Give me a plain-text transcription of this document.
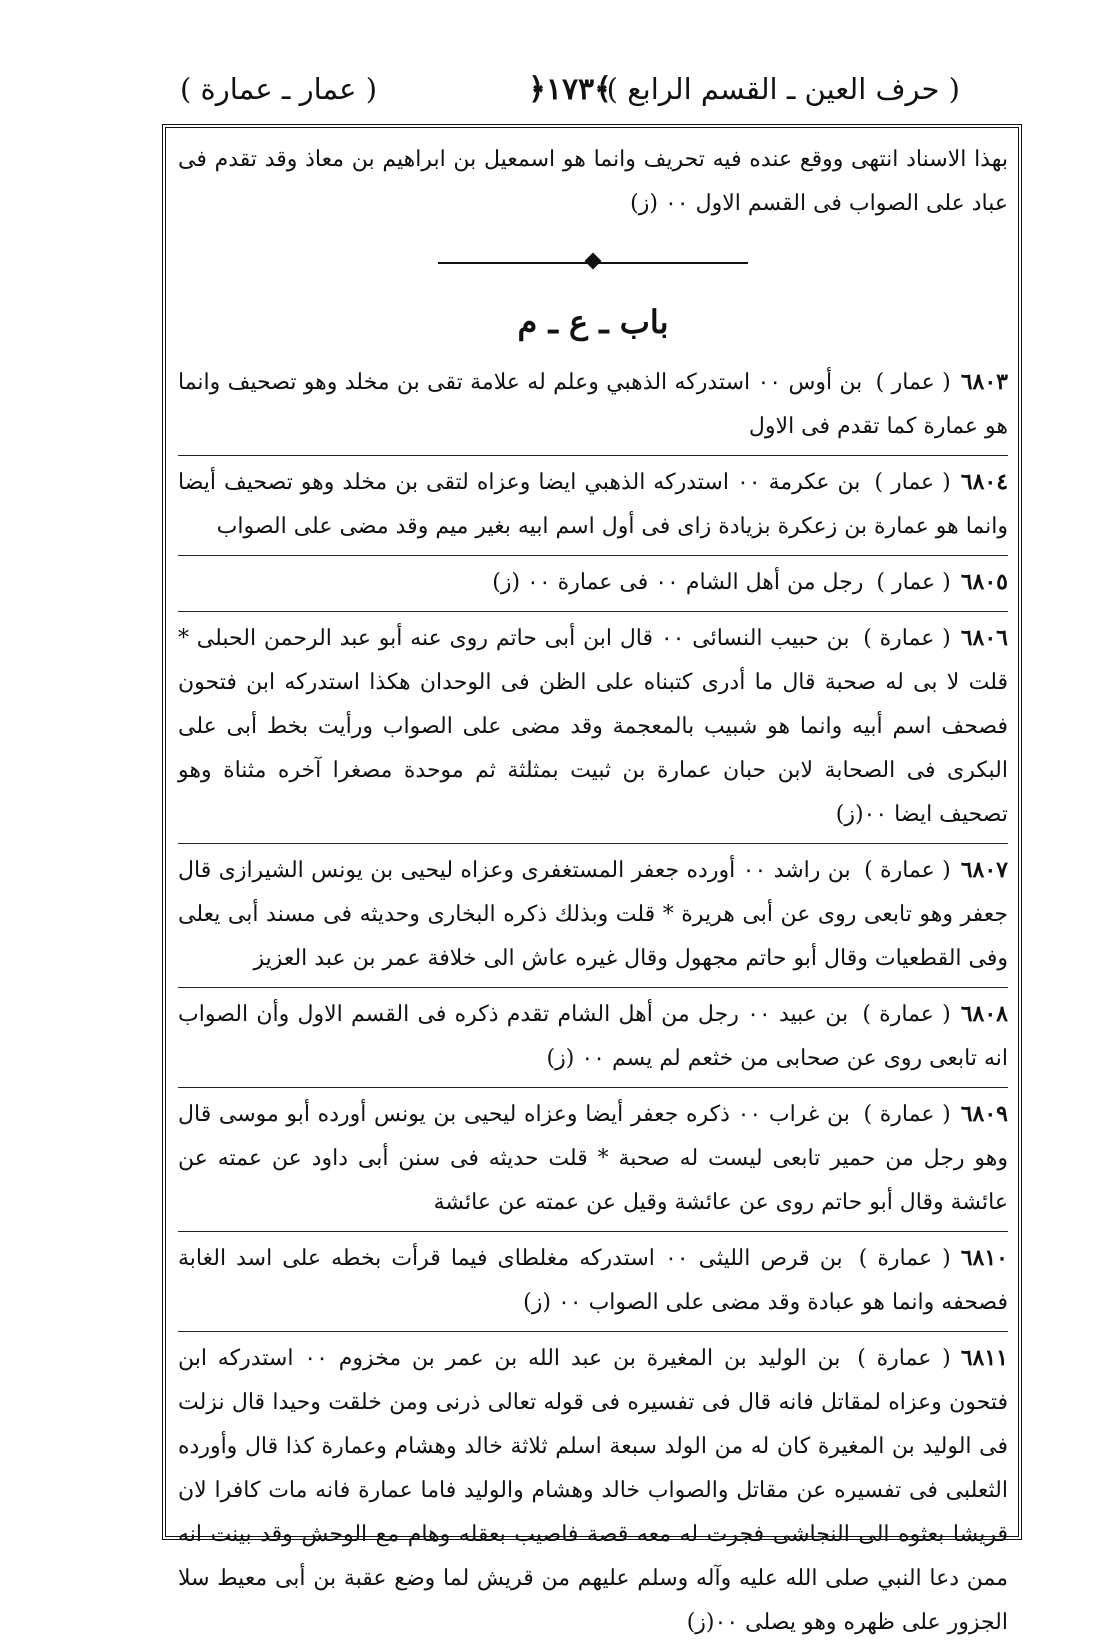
( حرف العين ـ القسم الرابع )
﴿١٧٣﴾
( عمار ـ عمارة )

بهذا الاسناد انتهى ووقع عنده فيه تحريف وانما هو اسمعيل بن ابراهيم بن معاذ وقد تقدم فى عباد على الصواب فى القسم الاول ٠٠ (ز)

باب ـ ع ـ م

٦٨٠٣( عمار ) بن أوس ٠٠ استدركه الذهبي وعلم له علامة تقى بن مخلد وهو تصحيف وانما هو عمارة كما تقدم فى الاول

٦٨٠٤( عمار ) بن عكرمة ٠٠ استدركه الذهبي ايضا وعزاه لتقى بن مخلد وهو تصحيف أيضا وانما هو عمارة بن زعكرة بزيادة زاى فى أول اسم ابيه بغير ميم وقد مضى على الصواب

٦٨٠٥( عمار ) رجل من أهل الشام ٠٠ فى عمارة ٠٠ (ز)

٦٨٠٦( عمارة ) بن حبيب النسائى ٠٠ قال ابن أبى حاتم روى عنه أبو عبد الرحمن الحبلى * قلت لا بى له صحبة قال ما أدرى كتبناه على الظن فى الوحدان هكذا استدركه ابن فتحون فصحف اسم أبيه وانما هو شبيب بالمعجمة وقد مضى على الصواب ورأيت بخط أبى على البكرى فى الصحابة لابن حبان عمارة بن ثبيت بمثلثة ثم موحدة مصغرا آخره مثناة وهو تصحيف ايضا ٠٠(ز)

٦٨٠٧( عمارة ) بن راشد ٠٠ أورده جعفر المستغفرى وعزاه ليحيى بن يونس الشيرازى قال جعفر وهو تابعى روى عن أبى هريرة * قلت وبذلك ذكره البخارى وحديثه فى مسند أبى يعلى وفى القطعيات وقال أبو حاتم مجهول وقال غيره عاش الى خلافة عمر بن عبد العزيز

٦٨٠٨( عمارة ) بن عبيد ٠٠ رجل من أهل الشام تقدم ذكره فى القسم الاول وأن الصواب انه تابعى روى عن صحابى من خثعم لم يسم ٠٠ (ز)

٦٨٠٩( عمارة ) بن غراب ٠٠ ذكره جعفر أيضا وعزاه ليحيى بن يونس أورده أبو موسى قال وهو رجل من حمير تابعى ليست له صحبة * قلت حديثه فى سنن أبى داود عن عمته عن عائشة وقال أبو حاتم روى عن عائشة وقيل عن عمته عن عائشة

٦٨١٠( عمارة ) بن قرص الليثى ٠٠ استدركه مغلطاى فيما قرأت بخطه على اسد الغابة فصحفه وانما هو عبادة وقد مضى على الصواب ٠٠ (ز)

٦٨١١( عمارة ) بن الوليد بن المغيرة بن عبد الله بن عمر بن مخزوم ٠٠ استدركه ابن فتحون وعزاه لمقاتل فانه قال فى تفسيره فى قوله تعالى ذرنى ومن خلقت وحيدا قال نزلت فى الوليد بن المغيرة كان له من الولد سبعة اسلم ثلاثة خالد وهشام وعمارة كذا قال وأورده الثعلبى فى تفسيره عن مقاتل والصواب خالد وهشام والوليد فاما عمارة فانه مات كافرا لان قريشا بعثوه الى النجاشى فجرت له معه قصة فاصيب بعقله وهام مع الوحش وقد بينت انه ممن دعا النبي صلى الله عليه وآله وسلم عليهم من قريش لما وضع عقبة بن أبى معيط سلا الجزور على ظهره وهو يصلى ٠٠(ز)
